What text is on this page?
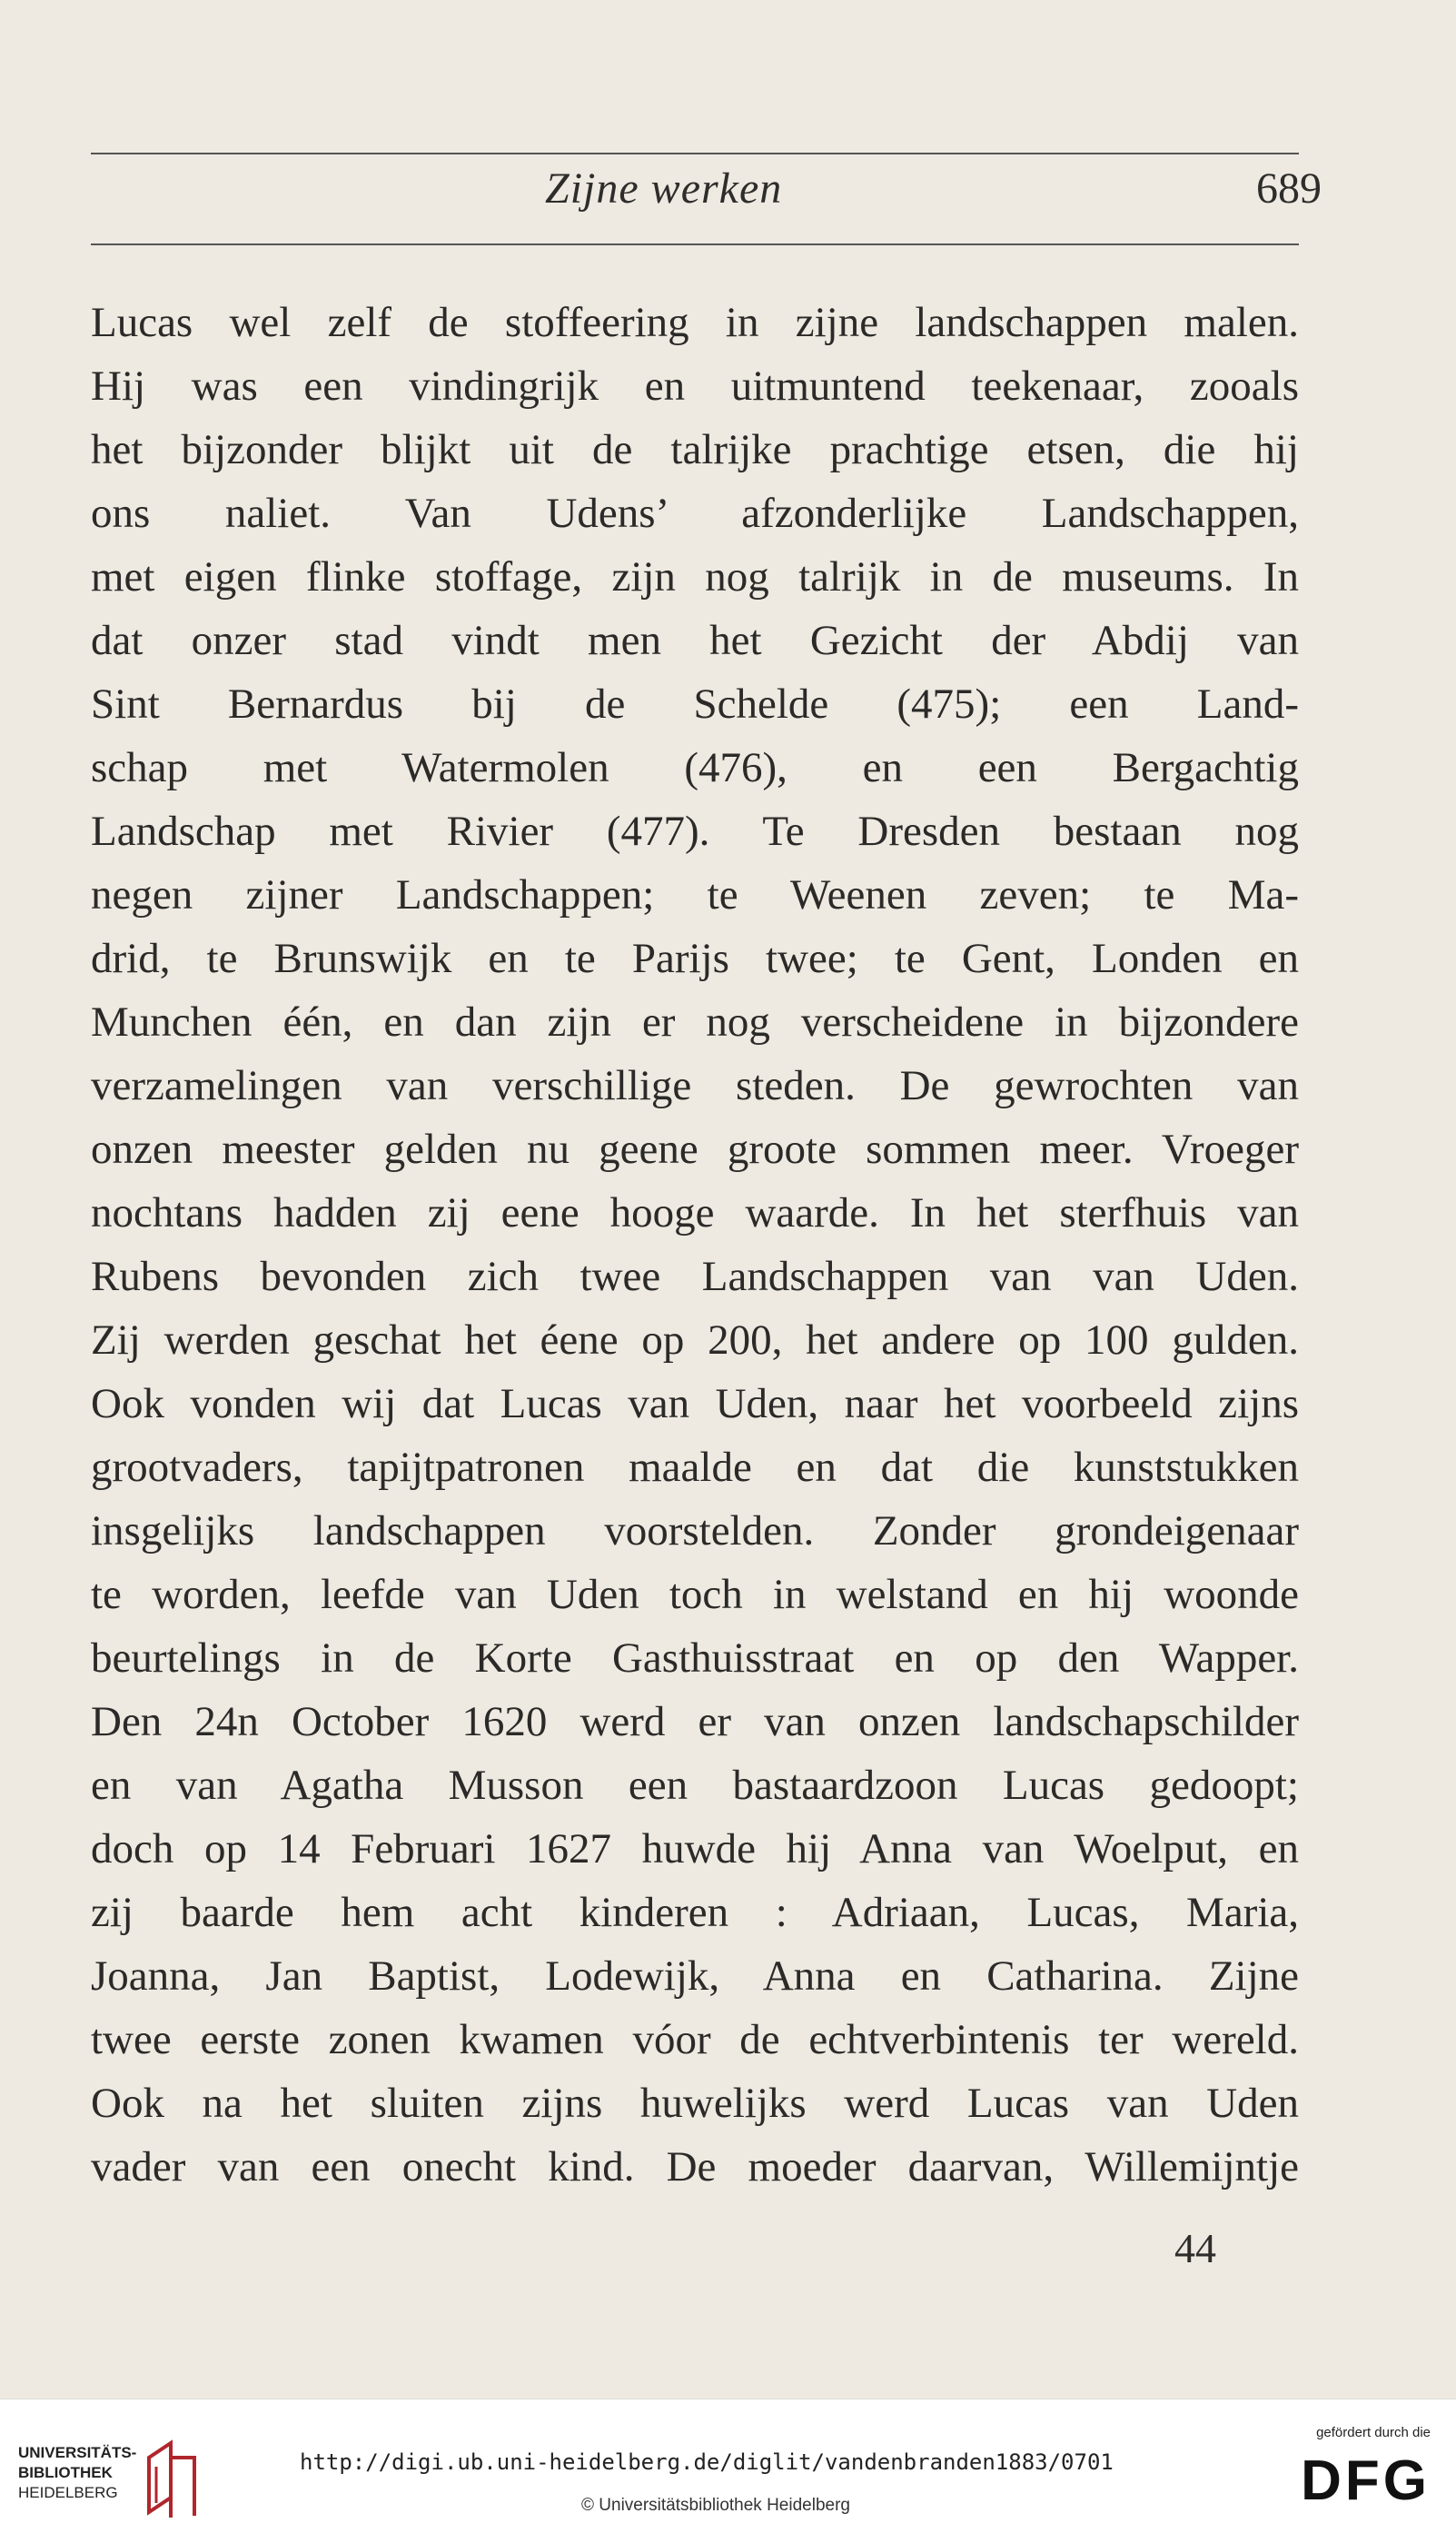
Zijne werken	689
Lucas wel zelf de stoffeering in zijne landschappen malen.
Hij was een vindingrijk en uitmuntend teekenaar, zooals
het bijzonder blijkt uit de talrijke prachtige etsen, die hij
ons naliet. Van Udens’ afzonderlijke Landschappen,
met eigen flinke stoffage, zijn nog talrijk in de museums. In
dat onzer stad vindt men het Gezicht der Abdij van
Sint Bernardus bij de Schelde (475); een Land-
schap met Watermolen (476), en een Bergachtig
Landschap met Rivier (477). Te Dresden bestaan nog
negen zijner Landschappen; te Weenen zeven; te Ma-
drid, te Brunswijk en te Parijs twee; te Gent, Londen en
Munchen één, en dan zijn er nog verscheidene in bijzondere
verzamelingen van verschillige steden. De gewrochten van
onzen meester gelden nu geene groote sommen meer. Vroeger
nochtans hadden zij eene hooge waarde. In het sterfhuis van
Rubens bevonden zich twee Landschappen van van Uden.
Zij werden geschat het éene op 200, het andere op 100 gulden.
Ook vonden wij dat Lucas van Uden, naar het voorbeeld zijns
grootvaders, tapijtpatronen maalde en dat die kunststukken
insgelijks landschappen voorstelden. Zonder grondeigenaar
te worden, leefde van Uden toch in welstand en hij woonde
beurtelings in de Korte Gasthuisstraat en op den Wapper.
Den 24n October 1620 werd er van onzen landschapschilder
en van Agatha Musson een bastaardzoon Lucas gedoopt;
doch op 14 Februari 1627 huwde hij Anna van Woelput, en
zij baarde hem acht kinderen : Adriaan, Lucas, Maria,
Joanna, Jan Baptist, Lodewijk, Anna en Catharina. Zijne
twee eerste zonen kwamen vóor de echtverbintenis ter wereld.
Ook na het sluiten zijns huwelijks werd Lucas van Uden
vader van een onecht kind. De moeder daarvan, Willemijntje
44
UNIVERSITÄTS-
BIBLIOTHEK
HEIDELBERG
http://digi.ub.uni-heidelberg.de/diglit/vandenbranden1883/0701
© Universitätsbibliothek Heidelberg
gefördert durch die
DFG
